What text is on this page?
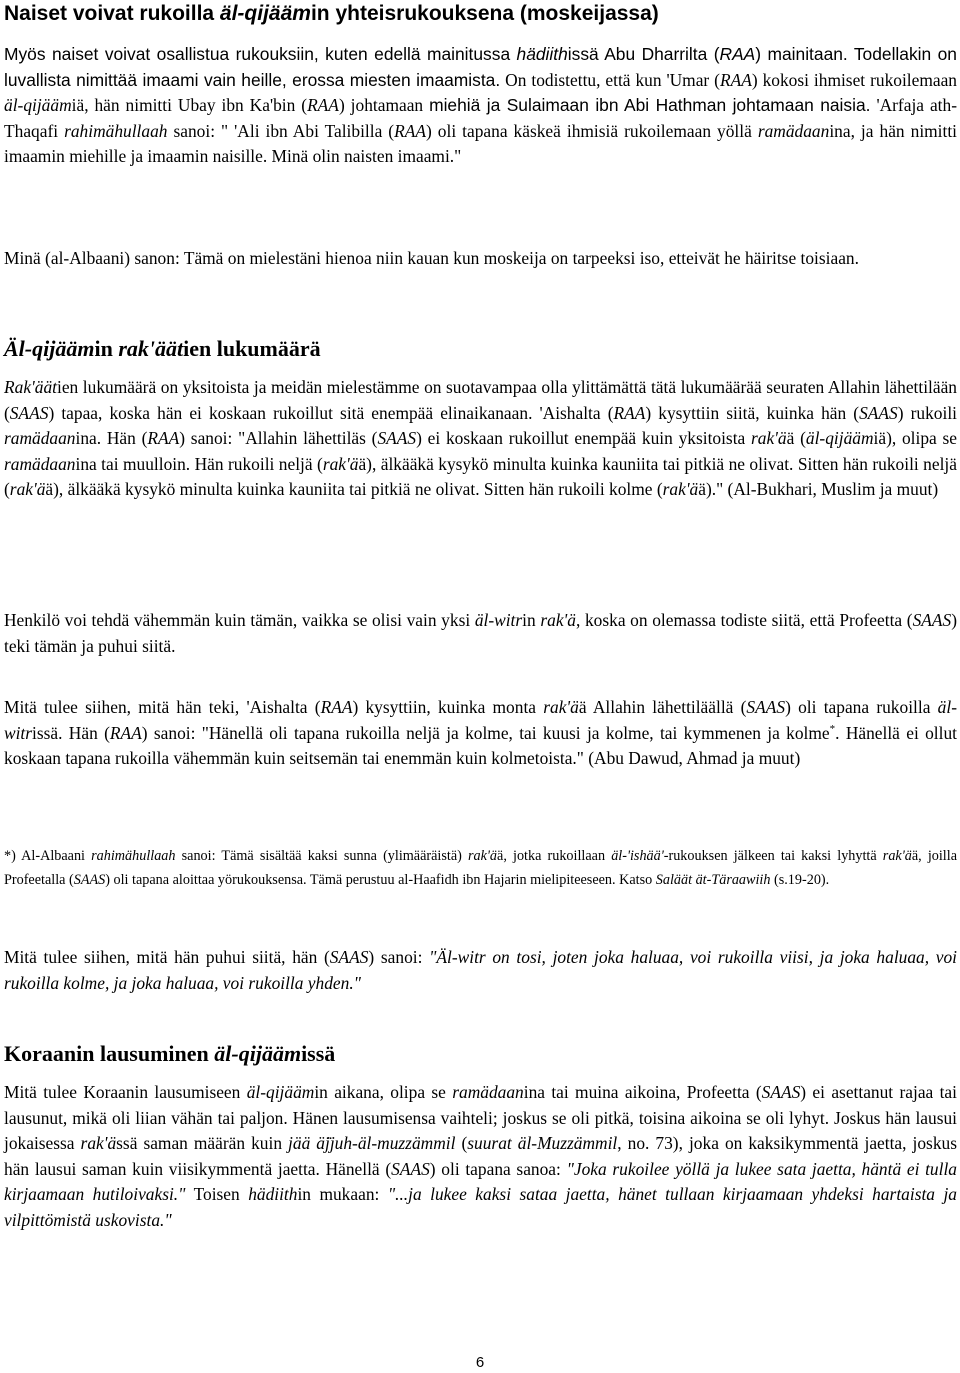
Naiset voivat rukoilla äl-qijäämin yhteisrukouksena (moskeijassa)

Myös naiset voivat osallistua rukouksiin, kuten edellä mainitussa hädiithissä Abu Dharrilta (RAA) mainitaan. Todellakin on luvallista nimittää imaami vain heille, erossa miesten imaamista. On todistettu, että kun 'Umar (RAA) kokosi ihmiset rukoilemaan äl-qijäämiä, hän nimitti Ubay ibn Ka'bin (RAA) johtamaan miehiä ja Sulaimaan ibn Abi Hathman johtamaan naisia. 'Arfaja ath-Thaqafi rahimähullaah sanoi: " 'Ali ibn Abi Talibilla (RAA) oli tapana käskeä ihmisiä rukoilemaan yöllä ramädaanina, ja hän nimitti imaamin miehille ja imaamin naisille. Minä olin naisten imaami."

Minä (al-Albaani) sanon: Tämä on mielestäni hienoa niin kauan kun moskeija on tarpeeksi iso, etteivät he häiritse toisiaan.

Äl-qijäämin rak'äätien lukumäärä

Rak'äätien lukumäärä on yksitoista ja meidän mielestämme on suotavampaa olla ylittämättä tätä lukumäärää seuraten Allahin lähettilään (SAAS) tapaa, koska hän ei koskaan rukoillut sitä enempää elinaikanaan. 'Aishalta (RAA) kysyttiin siitä, kuinka hän (SAAS) rukoili ramädaanina. Hän (RAA) sanoi: "Allahin lähettiläs (SAAS) ei koskaan rukoillut enempää kuin yksitoista rak'ää (äl-qijäämiä), olipa se ramädaanina tai muulloin. Hän rukoili neljä (rak'ää), älkääkä kysykö minulta kuinka kauniita tai pitkiä ne olivat. Sitten hän rukoili neljä (rak'ää), älkääkä kysykö minulta kuinka kauniita tai pitkiä ne olivat. Sitten hän rukoili kolme (rak'ää)." (Al-Bukhari, Muslim ja muut)

Henkilö voi tehdä vähemmän kuin tämän, vaikka se olisi vain yksi äl-witrin rak'ä, koska on olemassa todiste siitä, että Profeetta (SAAS) teki tämän ja puhui siitä.

Mitä tulee siihen, mitä hän teki, 'Aishalta (RAA) kysyttiin, kuinka monta rak'ää Allahin lähettiläällä (SAAS) oli tapana rukoilla äl-witrissä. Hän (RAA) sanoi: "Hänellä oli tapana rukoilla neljä ja kolme, tai kuusi ja kolme, tai kymmenen ja kolme*. Hänellä ei ollut koskaan tapana rukoilla vähemmän kuin seitsemän tai enemmän kuin kolmetoista." (Abu Dawud, Ahmad ja muut)

*) Al-Albaani rahimähullaah sanoi: Tämä sisältää kaksi sunna (ylimääräistä) rak'ää, jotka rukoillaan äl-'ishää'-rukouksen jälkeen tai kaksi lyhyttä rak'ää, joilla Profeetalla (SAAS) oli tapana aloittaa yörukouksensa. Tämä perustuu al-Haafidh ibn Hajarin mielipiteeseen. Katso Saläät ät-Täraawiih (s.19-20).

Mitä tulee siihen, mitä hän puhui siitä, hän (SAAS) sanoi: "Äl-witr on tosi, joten joka haluaa, voi rukoilla viisi, ja joka haluaa, voi rukoilla kolme, ja joka haluaa, voi rukoilla yhden."

Koraanin lausuminen äl-qijäämissä

Mitä tulee Koraanin lausumiseen äl-qijäämin aikana, olipa se ramädaanina tai muina aikoina, Profeetta (SAAS) ei asettanut rajaa tai lausunut, mikä oli liian vähän tai paljon. Hänen lausumisensa vaihteli; joskus se oli pitkä, toisina aikoina se oli lyhyt. Joskus hän lausui jokaisessa rak'ässä saman määrän kuin jää ä̈jjuh-äl-muzzämmil (suurat äl-Muzzämmil, no. 73), joka on kaksikymmentä jaetta, joskus hän lausui saman kuin viisikymmentä jaetta. Hänellä (SAAS) oli tapana sanoa: "Joka rukoilee yöllä ja lukee sata jaetta, häntä ei tulla kirjaamaan hutiloivaksi." Toisen hädiithin mukaan: "...ja lukee kaksi sataa jaetta, hänet tullaan kirjaamaan yhdeksi hartaista ja vilpittömistä uskovista."

6
